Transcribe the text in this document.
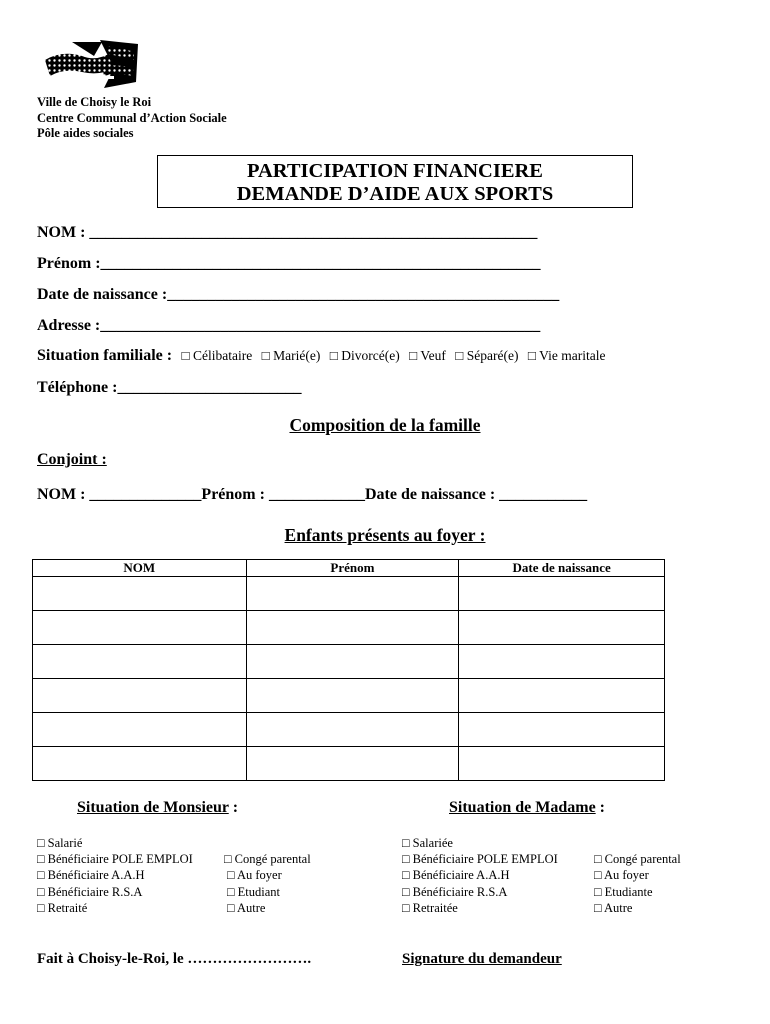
Ville de Choisy le Roi
Centre Communal d’Action Sociale
Pôle aides sociales
PARTICIPATION FINANCIERE
DEMANDE D’AIDE AUX SPORTS
NOM : ________________________________________________________
Prénom :_______________________________________________________
Date de naissance :_________________________________________________
Adresse :_______________________________________________________
Situation familiale : □ Célibataire □ Marié(e) □ Divorcé(e) □ Veuf □ Séparé(e) □ Vie maritale
Téléphone :_______________________
Composition de la famille
Conjoint :
NOM : ______________Prénom : ____________Date de naissance : ___________
Enfants présents au foyer :
NOM	Prénom	Date de naissance

Situation de Monsieur :	Situation de Madame :
□ Salarié
□ Bénéficiaire POLE EMPLOI □ Congé parental
□ Bénéficiaire A.A.H	□ Au foyer
□ Bénéficiaire R.S.A	□ Etudiant
□ Retraité	□ Autre
□ Salariée
□ Bénéficiaire POLE EMPLOI	□ Congé parental
□ Bénéficiaire A.A.H	□ Au foyer
□ Bénéficiaire R.S.A	□ Etudiante
□ Retraitée	□ Autre
Fait à Choisy-le-Roi, le …………………….	Signature du demandeur
